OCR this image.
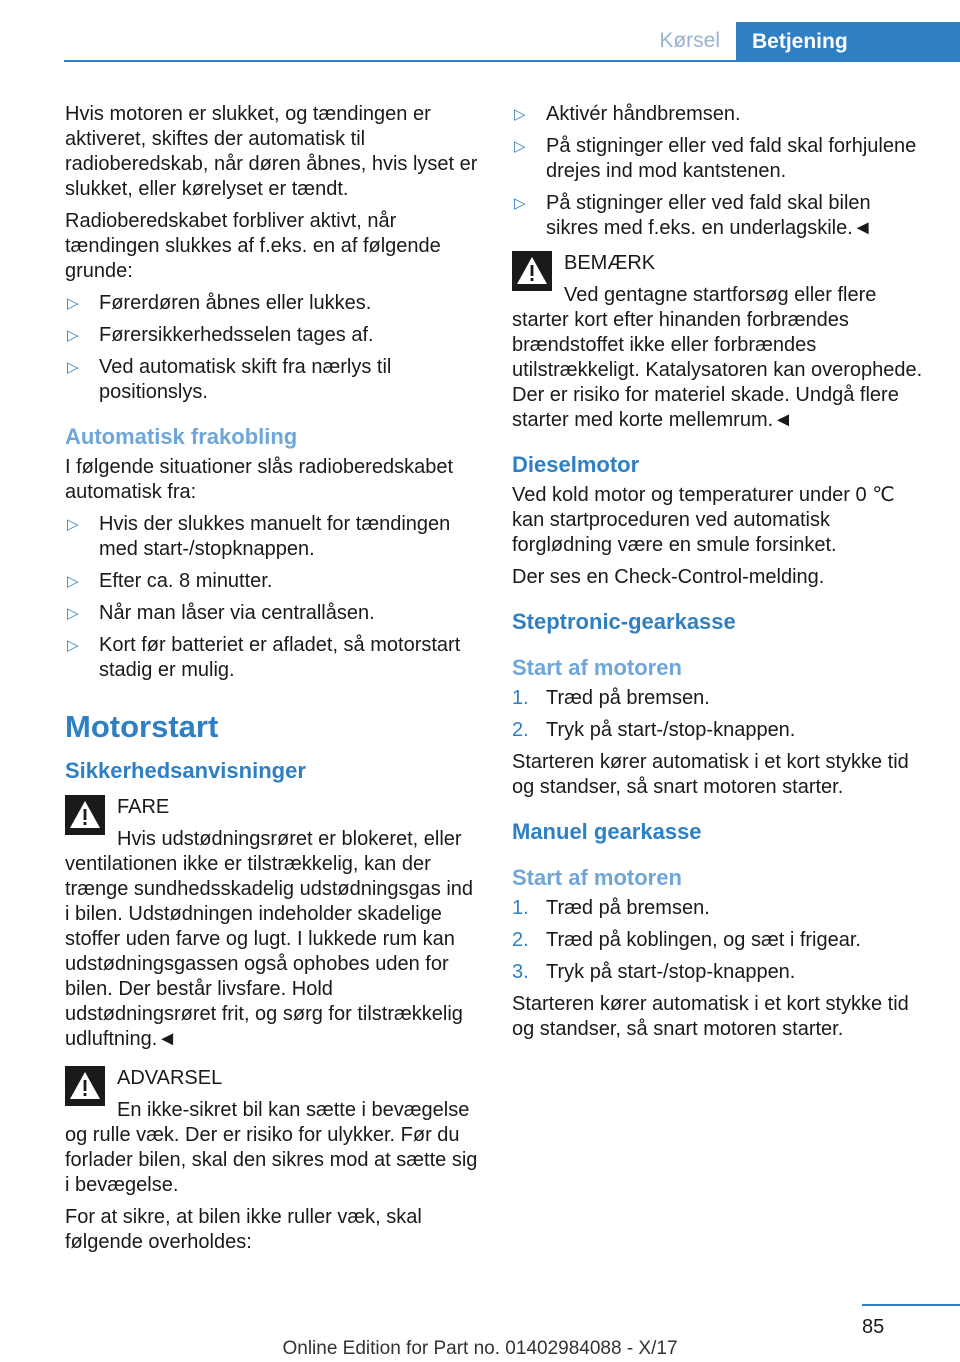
Kørsel	Betjening

Hvis motoren er slukket, og tændingen er aktiveret, skiftes der automatisk til radioberedskab, når døren åbnes, hvis lyset er slukket, eller kørelyset er tændt.

Radioberedskabet forbliver aktivt, når tændingen slukkes af f.eks. en af følgende grunde:

▷ Førerdøren åbnes eller lukkes.
▷ Førersikkerhedsselen tages af.
▷ Ved automatisk skift fra nærlys til positionslys.
Automatisk frakobling

I følgende situationer slås radioberedskabet automatisk fra:

▷ Hvis der slukkes manuelt for tændingen med start-/stopknappen.
▷ Efter ca. 8 minutter.
▷ Når man låser via centrallåsen.
▷ Kort før batteriet er afladet, så motorstart stadig er mulig.
Motorstart
Sikkerhedsanvisninger
FARE
Hvis udstødningsrøret er blokeret, eller ventilationen ikke er tilstrækkelig, kan der trænge sundhedsskadelig udstødningsgas ind i bilen. Udstødningen indeholder skadelige stoffer uden farve og lugt. I lukkede rum kan udstødningsgassen også ophobes uden for bilen. Der består livsfare. Hold udstødningsrøret frit, og sørg for tilstrækkelig udluftning.◄
ADVARSEL
En ikke-sikret bil kan sætte i bevægelse og rulle væk. Der er risiko for ulykker. Før du forlader bilen, skal den sikres mod at sætte sig i bevægelse.

For at sikre, at bilen ikke ruller væk, skal følgende overholdes:

▷ Aktivér håndbremsen.
▷ På stigninger eller ved fald skal forhjulene drejes ind mod kantstenen.
▷ På stigninger eller ved fald skal bilen sikres med f.eks. en underlagskile.◄
BEMÆRK
Ved gentagne startforsøg eller flere starter kort efter hinanden forbrændes brændstoffet ikke eller forbrændes utilstrækkeligt. Katalysatoren kan overophede. Der er risiko for materiel skade. Undgå flere starter med korte mellemrum.◄
Dieselmotor

Ved kold motor og temperaturer under 0 ℃ kan startproceduren ved automatisk forglødning være en smule forsinket.

Der ses en Check-Control-melding.

Steptronic-gearkasse
Start af motoren
1. Træd på bremsen.
2. Tryk på start-/stop-knappen.

Starteren kører automatisk i et kort stykke tid og standser, så snart motoren starter.

Manuel gearkasse
Start af motoren
1. Træd på bremsen.
2. Træd på koblingen, og sæt i frigear.
3. Tryk på start-/stop-knappen.

Starteren kører automatisk i et kort stykke tid og standser, så snart motoren starter.

85
Online Edition for Part no. 01402984088 - X/17
